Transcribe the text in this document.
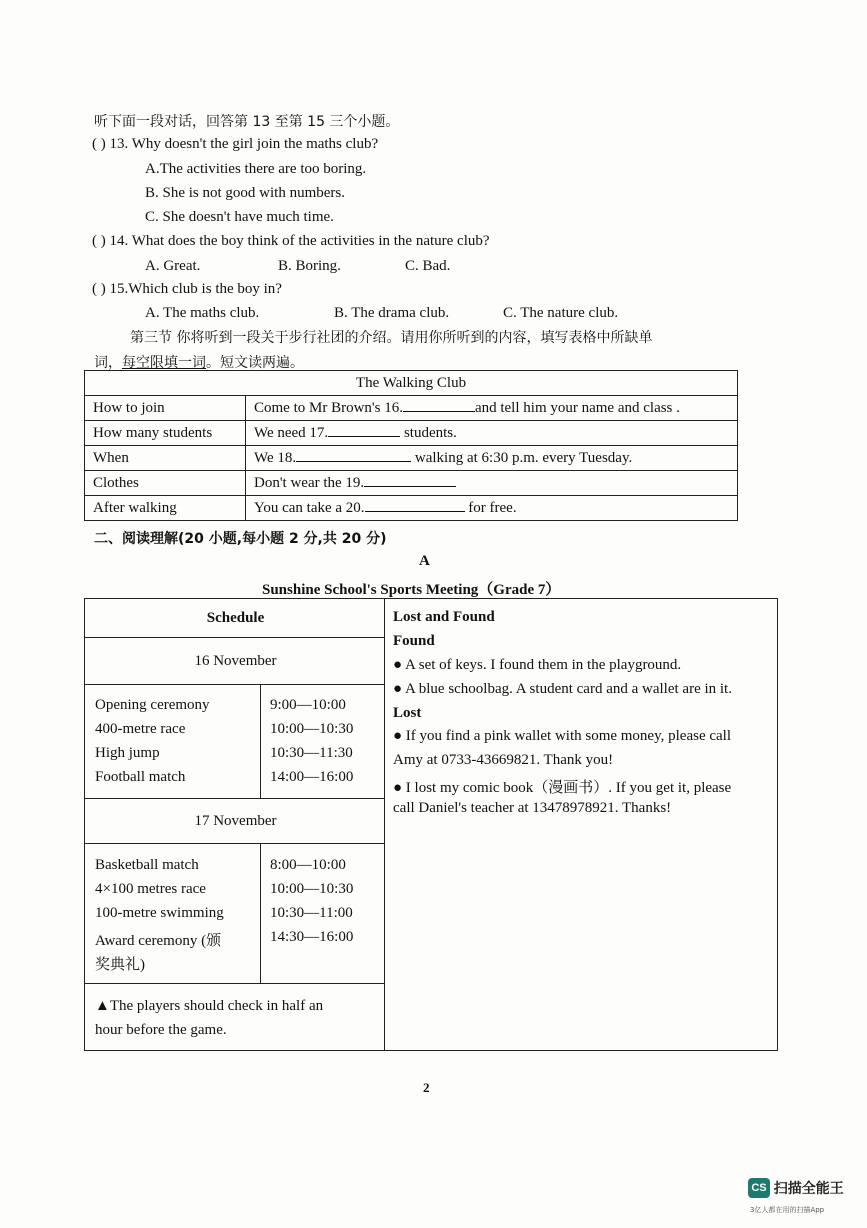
听下面一段对话，回答第 13 至第 15 三个小题。
( ) 13. Why doesn't the girl join the maths club?
A.The activities there are too boring.
B. She is not good with numbers.
C. She doesn't have much time.
( ) 14. What does the boy think of the activities in the nature club?
A. Great.	B. Boring.	C. Bad.
( ) 15.Which club is the boy in?
A. The maths club.	B. The drama club.	C. The nature club.
第三节 你将听到一段关于步行社团的介绍。请用你所听到的内容，填写表格中所缺单
词，每空限填一词。短文读两遍。
The Walking Club	
How to join	Come to Mr Brown's 16. and tell him your name and class .
How many students	We need 17. students.
When	We 18. walking at 6:30 p.m. every Tuesday.
Clothes	Don't wear the 19.
After walking	You can take a 20. for free.
二、阅读理解(20 小题,每小题 2 分,共 20 分)
A
Sunshine School's Sports Meeting（Grade 7）
Schedule
16 November
Opening ceremony	9:00—10:00
400-metre race	10:00—10:30
High jump	10:30—11:30
Football match	14:00—16:00
17 November
Basketball match	8:00—10:00
4×100 metres race	10:00—10:30
100-metre swimming	10:30—11:00
Award ceremony (颁	14:30—16:00
奖典礼)
▲The players should check in half an
hour before the game.
Lost and Found
Found
● A set of keys. I found them in the playground.
● A blue schoolbag. A student card and a wallet are in it.
Lost
● If you find a pink wallet with some money, please call
Amy at 0733-43669821. Thank you!
● I lost my comic book（漫画书）. If you get it, please
call Daniel's teacher at 13478978921. Thanks!
2
CS 扫描全能王
3亿人都在用的扫描App
